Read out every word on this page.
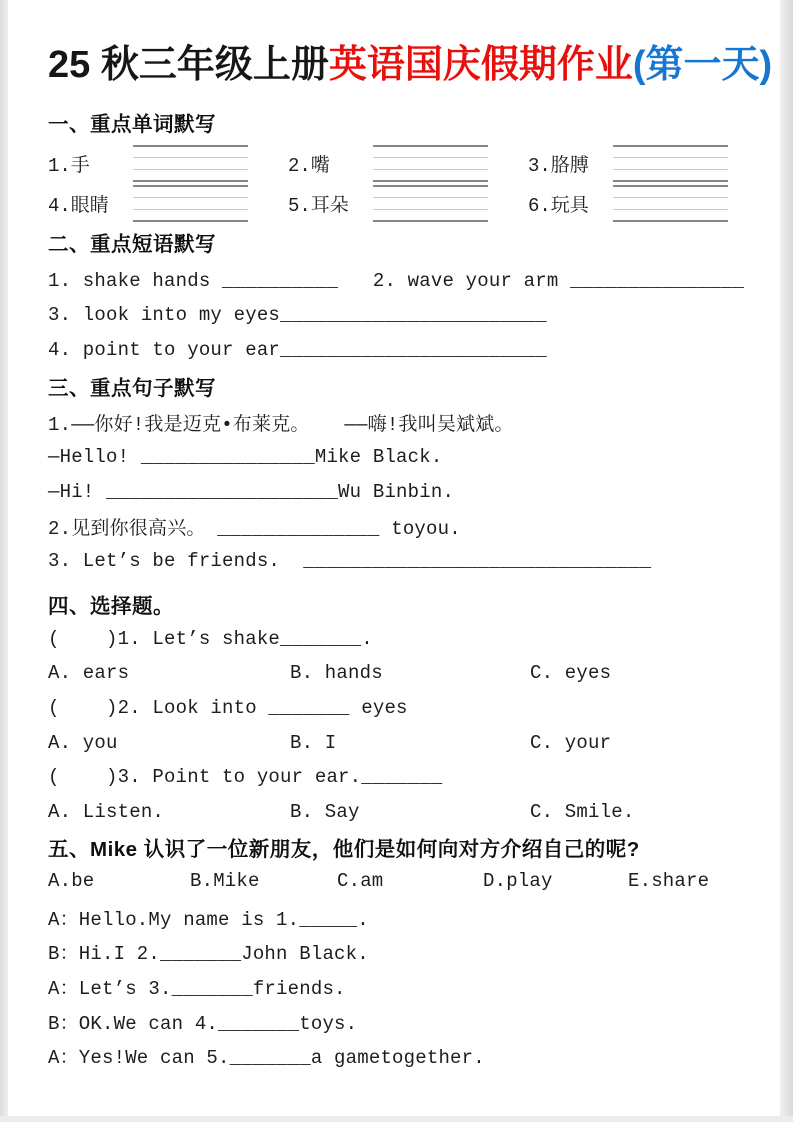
25 秋三年级上册英语国庆假期作业(第一天)
一、重点单词默写
1.手	2.嘴	3.胳膊
4.眼睛	5.耳朵	6.玩具
二、重点短语默写
1. shake hands __________   2. wave your arm _______________
3. look into my eyes_______________________
4. point to your ear_______________________
三、重点句子默写
1.——你好!我是迈克•布莱克。   ——嗨!我叫吴斌斌。
—Hello! _______________Mike Black.
—Hi! ____________________Wu Binbin.
2.见到你很高兴。 ______________ toyou.
3. Let’s be friends.  ______________________________
四、选择题。
(    )1. Let’s shake_______.
A. ears	B. hands	C. eyes
(    )2. Look into _______ eyes
A. you	B. I	C. your
(    )3. Point to your ear._______
A. Listen.	B. Say	C. Smile.
五、Mike 认识了一位新朋友，他们是如何向对方介绍自己的呢?
A.be	B.Mike	C.am	D.play	E.share
A：Hello.My name is 1._____.
B：Hi.I 2._______John Black.
A：Let’s 3._______friends.
B：OK.We can 4._______toys.
A：Yes!We can 5._______a gametogether.
